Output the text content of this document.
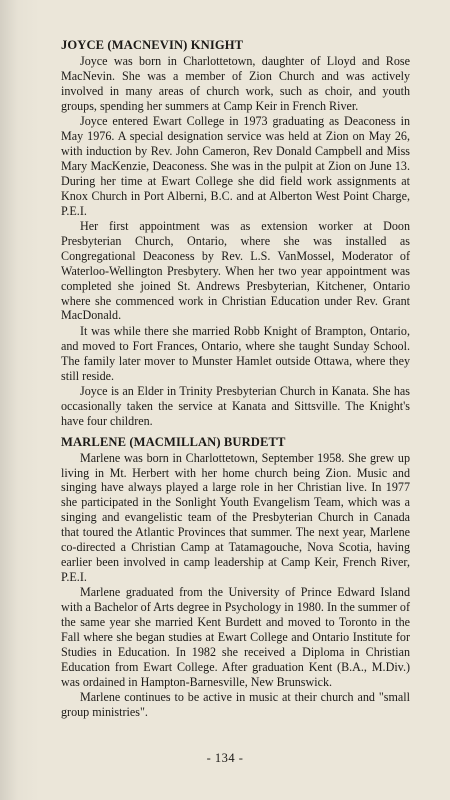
JOYCE (MACNEVIN) KNIGHT

Joyce was born in Charlottetown, daughter of Lloyd and Rose MacNevin. She was a member of Zion Church and was actively involved in many areas of church work, such as choir, and youth groups, spending her summers at Camp Keir in French River.

Joyce entered Ewart College in 1973 graduating as Deaconess in May 1976. A special designation service was held at Zion on May 26, with induction by Rev. John Cameron, Rev Donald Campbell and Miss Mary MacKenzie, Deaconess. She was in the pulpit at Zion on June 13. During her time at Ewart College she did field work assignments at Knox Church in Port Alberni, B.C. and at Alberton West Point Charge, P.E.I.

Her first appointment was as extension worker at Doon Presbyterian Church, Ontario, where she was installed as Congregational Deaconess by Rev. L.S. VanMossel, Moderator of Waterloo-Wellington Presbytery. When her two year appointment was completed she joined St. Andrews Presbyterian, Kitchener, Ontario where she commenced work in Christian Education under Rev. Grant MacDonald.

It was while there she married Robb Knight of Brampton, Ontario, and moved to Fort Frances, Ontario, where she taught Sunday School. The family later mover to Munster Hamlet outside Ottawa, where they still reside.

Joyce is an Elder in Trinity Presbyterian Church in Kanata. She has occasionally taken the service at Kanata and Sittsville. The Knight's have four children.

MARLENE (MACMILLAN) BURDETT

Marlene was born in Charlottetown, September 1958. She grew up living in Mt. Herbert with her home church being Zion. Music and singing have always played a large role in her Christian live. In 1977 she participated in the Sonlight Youth Evangelism Team, which was a singing and evangelistic team of the Presbyterian Church in Canada that toured the Atlantic Provinces that summer. The next year, Marlene co-directed a Christian Camp at Tatamagouche, Nova Scotia, having earlier been involved in camp leadership at Camp Keir, French River, P.E.I.

Marlene graduated from the University of Prince Edward Island with a Bachelor of Arts degree in Psychology in 1980. In the summer of the same year she married Kent Burdett and moved to Toronto in the Fall where she began studies at Ewart College and Ontario Institute for Studies in Education. In 1982 she received a Diploma in Christian Education from Ewart College. After graduation Kent (B.A., M.Div.) was ordained in Hampton-Barnesville, New Brunswick.

Marlene continues to be active in music at their church and "small group ministries".

- 134 -
